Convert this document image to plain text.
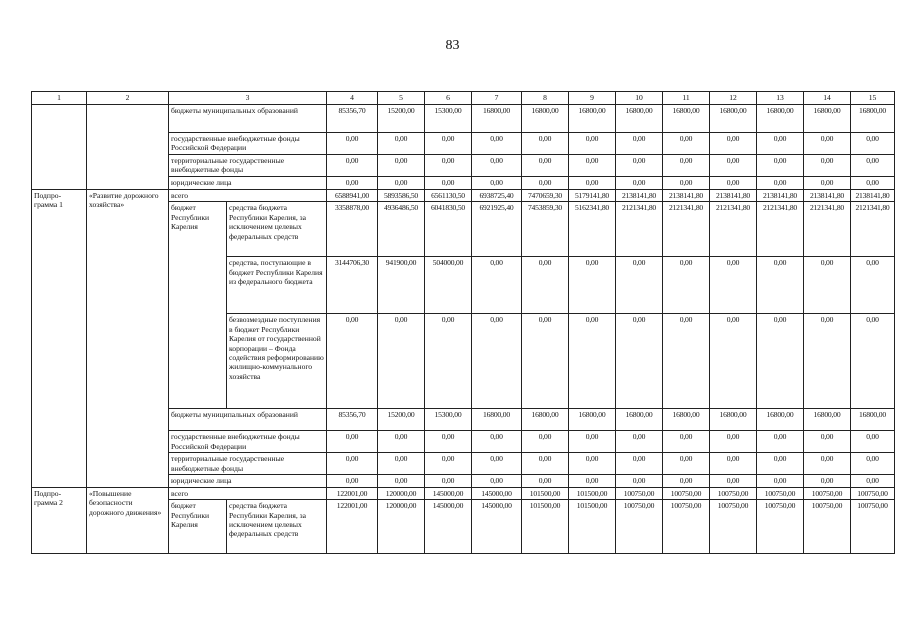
83
1	2	3		4	5	6	7	8	9	10	11	12	13	14	15
		бюджеты муниципальных образований		85356,70	15200,00	15300,00	16800,00	16800,00	16800,00	16800,00	16800,00	16800,00	16800,00	16800,00	16800,00
		государственные внебюджетные фонды Российской Федерации		0,00	0,00	0,00	0,00	0,00	0,00	0,00	0,00	0,00	0,00	0,00	0,00
		территориальные государственные внебюджетные фонды		0,00	0,00	0,00	0,00	0,00	0,00	0,00	0,00	0,00	0,00	0,00	0,00
		юридические лица		0,00	0,00	0,00	0,00	0,00	0,00	0,00	0,00	0,00	0,00	0,00	0,00
Подпро-грамма 1	«Развитие дорожного хозяйства»	всего		6588941,00	5893586,50	6561130,50	6938725,40	7470659,30	5179141,80	2138141,80	2138141,80	2138141,80	2138141,80	2138141,80	2138141,80
		бюджет Республики Карелия	средства бюджета Республики Карелия, за исключением целевых федеральных средств	3358878,00	4936486,50	6041830,50	6921925,40	7453859,30	5162341,80	2121341,80	2121341,80	2121341,80	2121341,80	2121341,80	2121341,80
			средства, поступающие в бюджет Республики Карелия из федерального бюджета	3144706,30	941900,00	504000,00	0,00	0,00	0,00	0,00	0,00	0,00	0,00	0,00	0,00
			безвозмездные поступления в бюджет Республики Карелия от государственной корпорации – Фонда содействия реформированию жилищно-коммунального хозяйства	0,00	0,00	0,00	0,00	0,00	0,00	0,00	0,00	0,00	0,00	0,00	0,00
		бюджеты муниципальных образований		85356,70	15200,00	15300,00	16800,00	16800,00	16800,00	16800,00	16800,00	16800,00	16800,00	16800,00	16800,00
		государственные внебюджетные фонды Российской Федерации		0,00	0,00	0,00	0,00	0,00	0,00	0,00	0,00	0,00	0,00	0,00	0,00
		территориальные государственные внебюджетные фонды		0,00	0,00	0,00	0,00	0,00	0,00	0,00	0,00	0,00	0,00	0,00	0,00
		юридические лица		0,00	0,00	0,00	0,00	0,00	0,00	0,00	0,00	0,00	0,00	0,00	0,00
Подпро-грамма 2	«Повышение безопасности дорожного движения»	всего		122001,00	120000,00	145000,00	145000,00	101500,00	101500,00	100750,00	100750,00	100750,00	100750,00	100750,00	100750,00
		бюджет Республики Карелия	средства бюджета Республики Карелия, за исключением целевых федеральных средств	122001,00	120000,00	145000,00	145000,00	101500,00	101500,00	100750,00	100750,00	100750,00	100750,00	100750,00	100750,00
